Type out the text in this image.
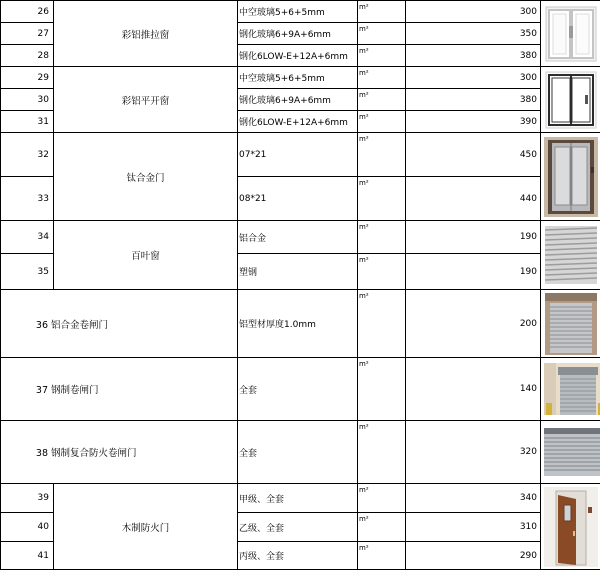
26	彩铝推拉窗	中空玻璃5+6+5mm	m²	300	

27		钢化玻璃6+9A+6mm	m²	350	
28		钢化6LOW-E+12A+6mm	m²	380	
29	彩铝平开窗	中空玻璃5+6+5mm	m²	300	

30		钢化玻璃6+9A+6mm	m²	380	
31		钢化6LOW-E+12A+6mm	m²	390	
32	钛合金门	07*21	m²	450	

33		08*21	m²	440	
34	百叶窗	铝合金	m²	190	

35		塑钢	m²	190	
36 铝合金卷闸门		铝型材厚度1.0mm	m²	200	

37 钢制卷闸门		全套	m²	140	

38 钢制复合防火卷闸门		全套	m²	320	

39	木制防火门	甲级、全套	m²	340	

40		乙级、全套	m²	310	
41		丙级、全套	m²	290	
